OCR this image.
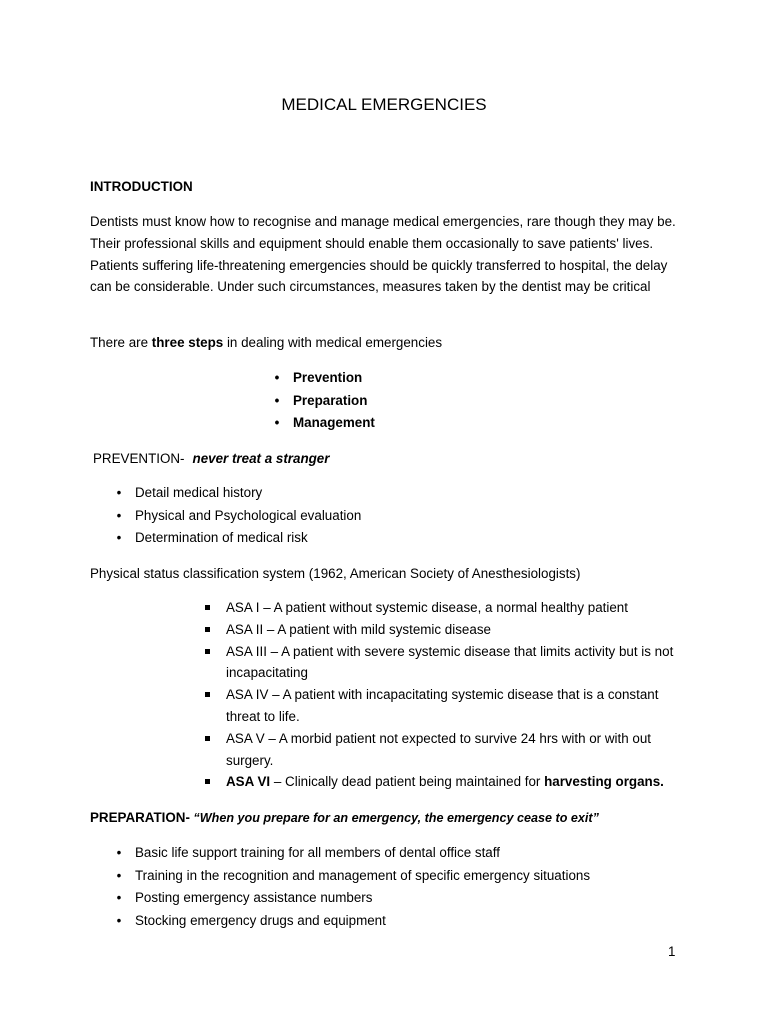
MEDICAL EMERGENCIES
INTRODUCTION
Dentists must know how to recognise and manage medical emergencies, rare though they may be. Their professional skills and equipment should enable them occasionally to save patients' lives. Patients suffering life-threatening emergencies should be quickly transferred to hospital, the delay can be considerable. Under such circumstances, measures taken by the dentist may be critical
There are three steps in dealing with medical emergencies
• Prevention
• Preparation
• Management
PREVENTION- never treat a stranger
• Detail medical history
• Physical and Psychological evaluation
• Determination of medical risk
Physical status classification system (1962, American Society of Anesthesiologists)
ASA I – A patient without systemic disease, a normal healthy patient
ASA II – A patient with mild systemic disease
ASA III – A patient with severe systemic disease that limits activity but is not incapacitating
ASA IV – A patient with incapacitating systemic disease that is a constant threat to life.
ASA V – A morbid patient not expected to survive 24 hrs with or with out surgery.
ASA VI – Clinically dead patient being maintained for harvesting organs.
PREPARATION- “When you prepare for an emergency, the emergency cease to exit”
• Basic life support training for all members of dental office staff
• Training in the recognition and management of specific emergency situations
• Posting emergency assistance numbers
• Stocking emergency drugs and equipment
1
